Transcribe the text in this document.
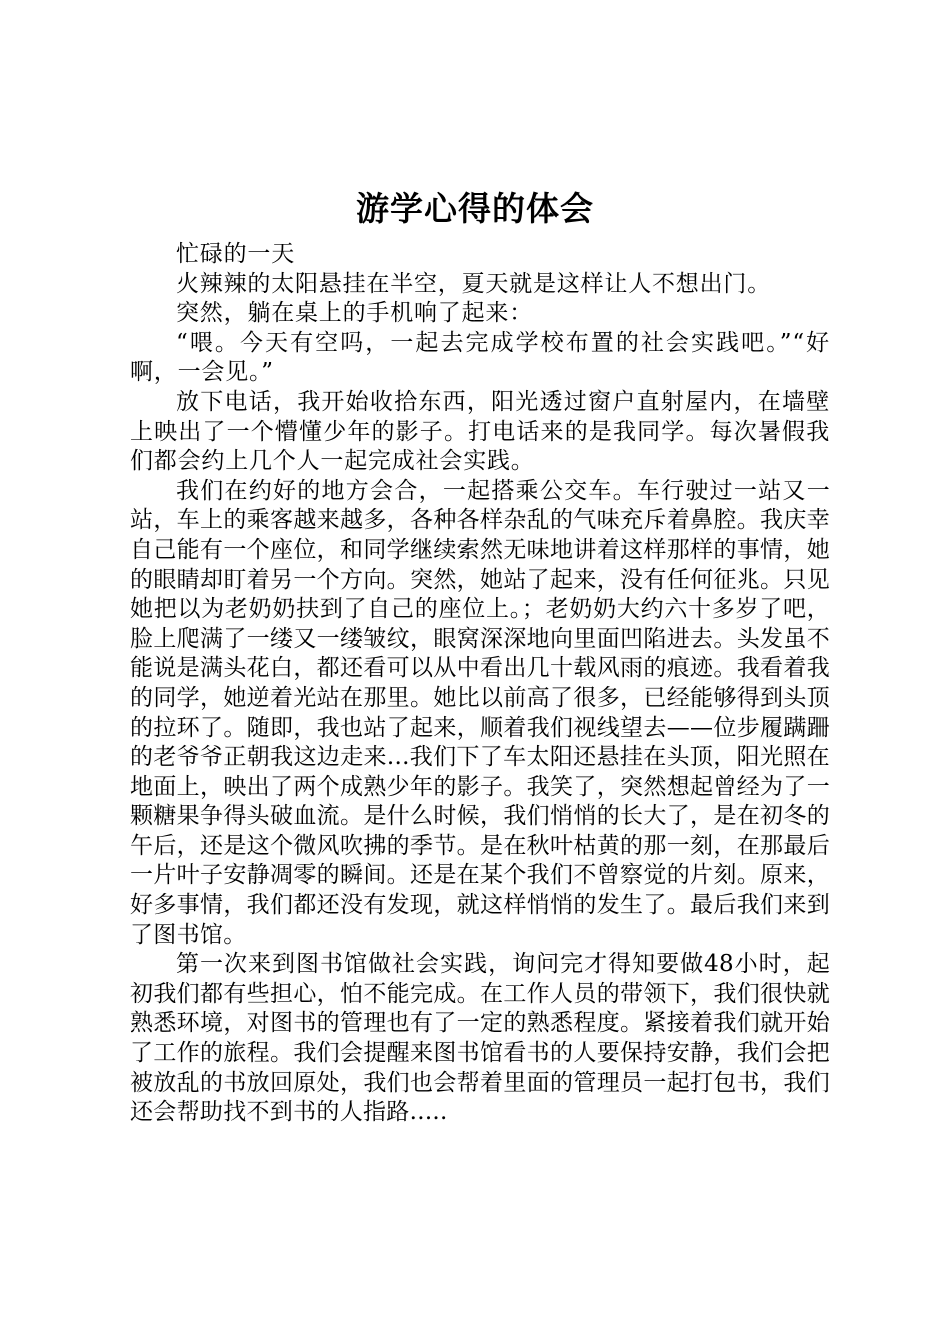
游学心得的体会

忙碌的一天

火辣辣的太阳悬挂在半空，夏天就是这样让人不想出门。

突然，躺在桌上的手机响了起来：

“喂。今天有空吗，一起去完成学校布置的社会实践吧。”“好啊，一会见。”

放下电话，我开始收拾东西，阳光透过窗户直射屋内，在墙壁上映出了一个懵懂少年的影子。打电话来的是我同学。每次暑假我们都会约上几个人一起完成社会实践。

我们在约好的地方会合，一起搭乘公交车。车行驶过一站又一站，车上的乘客越来越多，各种各样杂乱的气味充斥着鼻腔。我庆幸自己能有一个座位，和同学继续索然无味地讲着这样那样的事情，她的眼睛却盯着另一个方向。突然，她站了起来，没有任何征兆。只见她把以为老奶奶扶到了自己的座位上。；老奶奶大约六十多岁了吧，脸上爬满了一缕又一缕皱纹，眼窝深深地向里面凹陷进去。头发虽不能说是满头花白，都还看可以从中看出几十载风雨的痕迹。我看着我的同学，她逆着光站在那里。她比以前高了很多，已经能够得到头顶的拉环了。随即，我也站了起来，顺着我们视线望去——位步履蹒跚的老爷爷正朝我这边走来...我们下了车太阳还悬挂在头顶，阳光照在地面上，映出了两个成熟少年的影子。我笑了，突然想起曾经为了一颗糖果争得头破血流。是什么时候，我们悄悄的长大了，是在初冬的午后，还是这个微风吹拂的季节。是在秋叶枯黄的那一刻，在那最后一片叶子安静凋零的瞬间。还是在某个我们不曾察觉的片刻。原来，好多事情，我们都还没有发现，就这样悄悄的发生了。最后我们来到了图书馆。

第一次来到图书馆做社会实践，询问完才得知要做48小时，起初我们都有些担心，怕不能完成。在工作人员的带领下，我们很快就熟悉环境，对图书的管理也有了一定的熟悉程度。紧接着我们就开始了工作的旅程。我们会提醒来图书馆看书的人要保持安静，我们会把被放乱的书放回原处，我们也会帮着里面的管理员一起打包书，我们还会帮助找不到书的人指路.....
